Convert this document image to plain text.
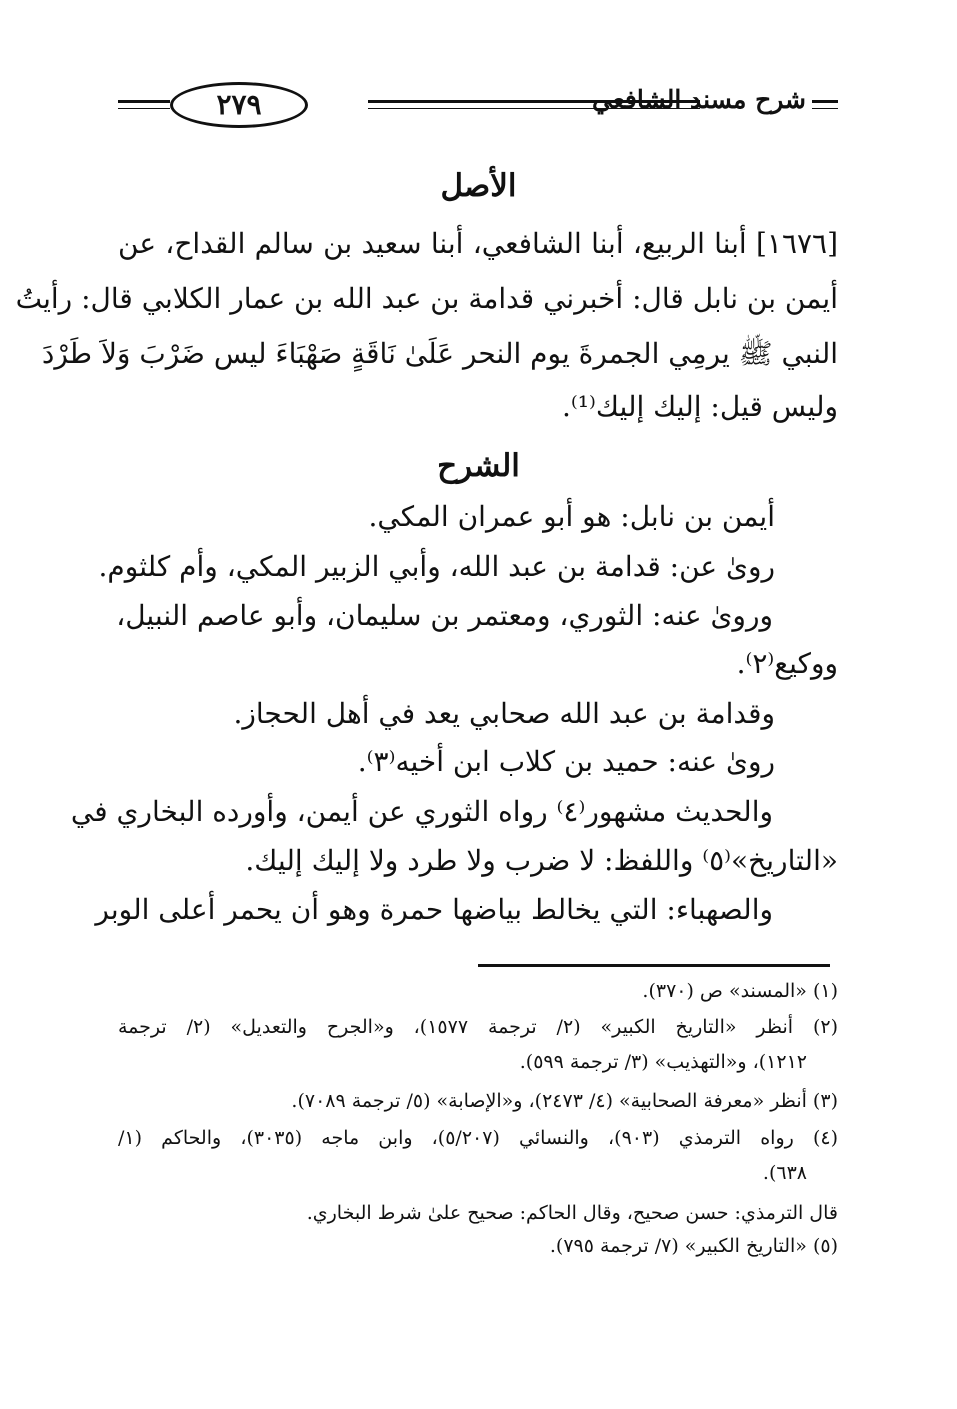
٢٧٩	شرح مسند الشافعي
الأصل
[١٦٧٦] أبنا الربيع، أبنا الشافعي، أبنا سعيد بن سالم القداح، عن
أيمن بن نابل قال: أخبرني قدامة بن عبد الله بن عمار الكلابي قال: رأيتُ
النبي ﷺ يرمِي الجمرةَ يوم النحر عَلَىٰ نَاقَةٍ صَهْبَاءَ ليس ضَرْبَ وَلاَ طَرْدَ
وليس قيل: إليك إليك⁽¹⁾.
الشرح
أيمن بن نابل: هو أبو عمران المكي.
روىٰ عن: قدامة بن عبد الله، وأبي الزبير المكي، وأم كلثوم.
وروىٰ عنه: الثوري، ومعتمر بن سليمان، وأبو عاصم النبيل،
ووكيع⁽٢⁾.
وقدامة بن عبد الله صحابي يعد في أهل الحجاز.
روىٰ عنه: حميد بن كلاب ابن أخيه⁽٣⁾.
والحديث مشهور⁽٤⁾ رواه الثوري عن أيمن، وأورده البخاري في
«التاريخ»⁽٥⁾ واللفظ: لا ضرب ولا طرد ولا إليك إليك.
والصهباء: التي يخالط بياضها حمرة وهو أن يحمر أعلى الوبر
(١) «المسند» ص (٣٧٠).
(٢) أنظر «التاريخ الكبير» (٢/ ترجمة ١٥٧٧)، و«الجرح والتعديل» (٢/ ترجمة
١٢١٢)، و«التهذيب» (٣/ ترجمة ٥٩٩).
(٣) أنظر «معرفة الصحابية» (٤/ ٢٤٧٣)، و«الإصابة» (٥/ ترجمة ٧٠٨٩).
(٤) رواه الترمذي (٩٠٣)، والنسائي (٥/٢٠٧)، وابن ماجه (٣٠٣٥)، والحاكم (١/
٦٣٨).
قال الترمذي: حسن صحيح، وقال الحاكم: صحيح علىٰ شرط البخاري.
(٥) «التاريخ الكبير» (٧/ ترجمة ٧٩٥).
